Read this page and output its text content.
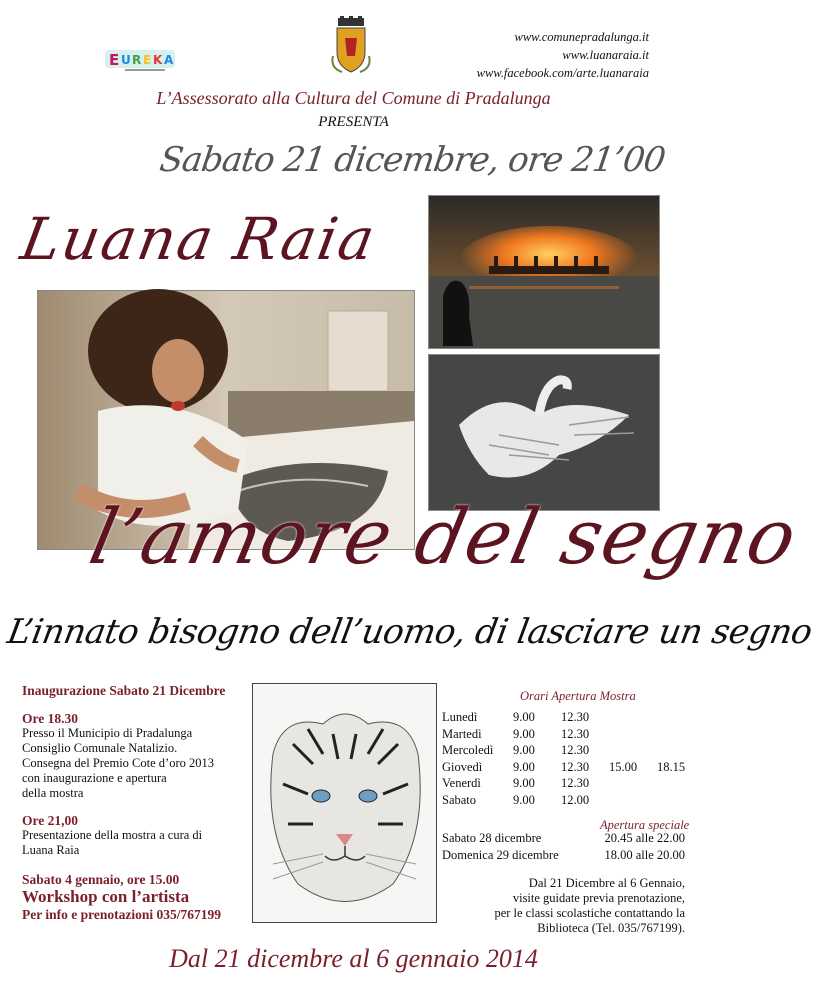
E U R E K A
www.comunepradalunga.it
www.luanaraia.it
www.facebook.com/arte.luanaraia
L’Assessorato alla Cultura del Comune di Pradalunga
PRESENTA
Sabato 21 dicembre, ore 21’00
Luana Raia
l’amore del segno
L’innato bisogno dell’uomo, di lasciare un segno
Inaugurazione Sabato 21 Dicembre
Ore 18.30
Presso il Municipio di Pradalunga
Consiglio Comunale Natalizio.
Consegna del Premio Cote d’oro 2013
con inaugurazione e apertura
della mostra
Ore 21,00
Presentazione della mostra a cura di
Luana Raia
Sabato 4 gennaio, ore 15.00
Workshop con l’artista
Per info e prenotazioni 035/767199
Orari Apertura Mostra
Lunedì	9.00	12.30		
Martedì	9.00	12.30		
Mercoledì	9.00	12.30		
Giovedì	9.00	12.30	15.00	18.15
Venerdì	9.00	12.30		
Sabato	9.00	12.00		
Apertura speciale
Sabato 28 dicembre	20.45 alle 22.00
Domenica 29 dicembre	18.00 alle 20.00
Dal 21 Dicembre al 6 Gennaio,
visite guidate previa prenotazione,
per le classi scolastiche contattando la
Biblioteca (Tel. 035/767199).
Dal 21 dicembre al 6 gennaio 2014
